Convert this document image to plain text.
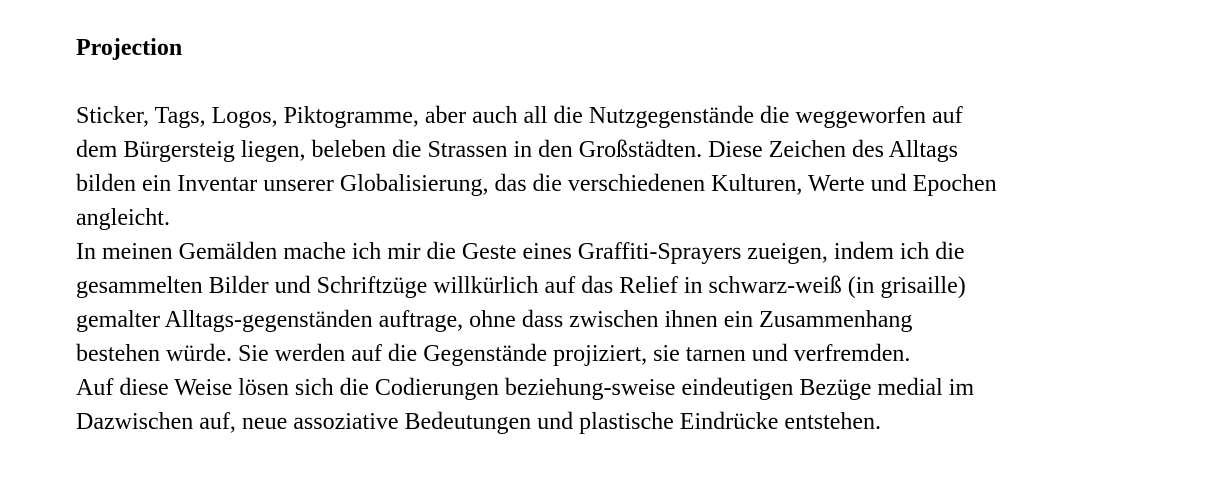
Projection
Sticker, Tags, Logos, Piktogramme, aber auch all die Nutzgegenstände die weggeworfen auf
dem Bürgersteig liegen, beleben die Strassen in den Großstädten. Diese Zeichen des Alltags
bilden ein Inventar unserer Globalisierung, das die verschiedenen Kulturen, Werte und Epochen
angleicht.
In meinen Gemälden mache ich mir die Geste eines Graffiti-Sprayers zueigen, indem ich die
gesammelten Bilder und Schriftzüge willkürlich auf das Relief in schwarz-weiß (in grisaille)
gemalter Alltags-gegenständen auftrage, ohne dass zwischen ihnen ein Zusammenhang
bestehen würde. Sie werden auf die Gegenstände projiziert, sie tarnen und verfremden.
Auf diese Weise lösen sich die Codierungen beziehung-sweise eindeutigen Bezüge medial im
Dazwischen auf, neue assoziative Bedeutungen und plastische Eindrücke entstehen.
